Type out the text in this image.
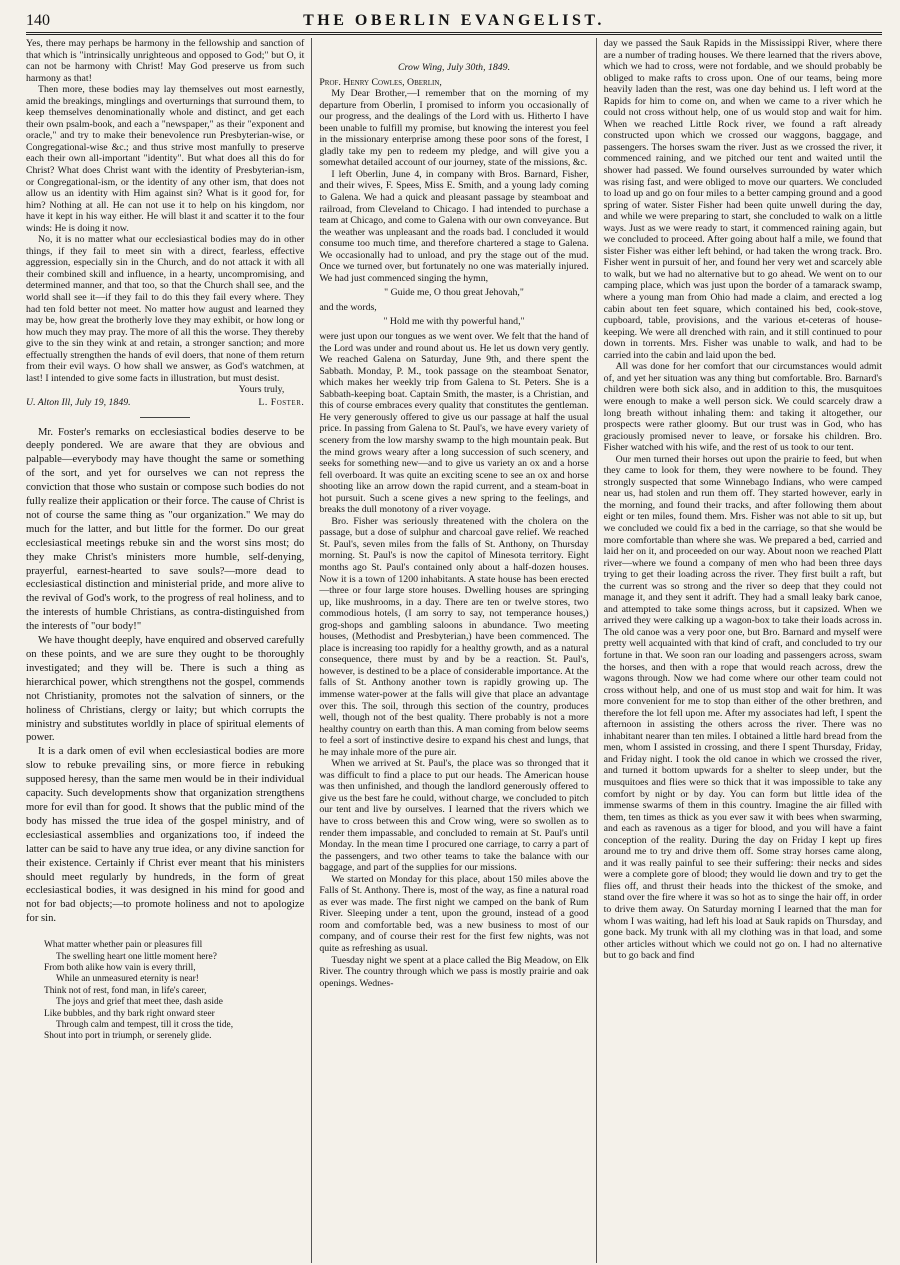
140	THE OBERLIN EVANGELIST.

Yes, there may perhaps be harmony in the fellowship and sanction of that which is "intrinsically unrighteous and opposed to God;" but O, it can not be harmony with Christ! May God preserve us from such harmony as that!

Then more, these bodies may lay themselves out most earnestly, amid the breakings, minglings and overturnings that surround them, to keep themselves denominationally whole and distinct, and get each their own psalm-book, and each a "newspaper," as their "exponent and oracle," and try to make their benevolence run Presbyterian-wise, or Congregational-wise &c.; and thus strive most manfully to preserve each their own all-important "identity". But what does all this do for Christ? What does Christ want with the identity of Presbyterian-ism, or Congregational-ism, or the identity of any other ism, that does not allow us an identity with Him against sin? What is it good for, for him? Nothing at all. He can not use it to help on his kingdom, nor have it kept in his way either. He will blast it and scatter it to the four winds: He is doing it now.

No, it is no matter what our ecclesiastical bodies may do in other things, if they fail to meet sin with a direct, fearless, effective aggression, especially sin in the Church, and do not attack it with all their combined skill and influence, in a hearty, uncompromising, and determined manner, and that too, so that the Church shall see, and the world shall see it—if they fail to do this they fail every where. They had ten fold better not meet. No matter how august and learned they may be, how great the brotherly love they may exhibit, or how long or how much they may pray. The more of all this the worse. They thereby give to the sin they wink at and retain, a stronger sanction; and more effectually strengthen the hands of evil doers, that none of them return from their evil ways. O how shall we answer, as God's watchmen, at last! I intended to give some facts in illustration, but must desist.

Yours truly,
U. Alton Ill, July 19, 1849.	L. Foster.

Mr. Foster's remarks on ecclesiastical bodies deserve to be deeply pondered. We are aware that they are obvious and palpable—everybody may have thought the same or something of the sort, and yet for ourselves we can not repress the conviction that those who sustain or compose such bodies do not fully realize their application or their force. The cause of Christ is not of course the same thing as "our organization." We may do much for the latter, and but little for the former. Do our great ecclesiastical meetings rebuke sin and the worst sins most; do they make Christ's ministers more humble, self-denying, prayerful, earnest-hearted to save souls?—more dead to ecclesiastical distinction and ministerial pride, and more alive to the revival of God's work, to the progress of real holiness, and to the interests of humble Christians, as contra-distinguished from the interests of "our body!"

We have thought deeply, have enquired and observed carefully on these points, and we are sure they ought to be thoroughly investigated; and they will be. There is such a thing as hierarchical power, which strengthens not the gospel, commends not Christianity, promotes not the salvation of sinners, or the holiness of Christians, clergy or laity; but which corrupts the ministry and substitutes worldly in place of spiritual elements of power.

It is a dark omen of evil when ecclesiastical bodies are more slow to rebuke prevailing sins, or more fierce in rebuking supposed heresy, than the same men would be in their individual capacity. Such developments show that organization strengthens more for evil than for good. It shows that the public mind of the body has missed the true idea of the gospel ministry, and of ecclesiastical assemblies and organizations too, if indeed the latter can be said to have any true idea, or any divine sanction for their existence. Certainly if Christ ever meant that his ministers should meet regularly by hundreds, in the form of great ecclesiastical bodies, it was designed in his mind for good and not for bad objects;—to promote holiness and not to apologize for sin.

What matter whether pain or pleasures fill
The swelling heart one little moment here?
From both alike how vain is every thrill,
While an unmeasured eternity is near!
Think not of rest, fond man, in life's career,
The joys and grief that meet thee, dash aside
Like bubbles, and thy bark right onward steer
Through calm and tempest, till it cross the tide,
Shout into port in triumph, or serenely glide.
Crow Wing, July 30th, 1849.
Prof. Henry Cowles, Oberlin,

My Dear Brother,—I remember that on the morning of my departure from Oberlin, I promised to inform you occasionally of our progress, and the dealings of the Lord with us. Hitherto I have been unable to fulfill my promise, but knowing the interest you feel in the missionary enterprise among these poor sons of the forest, I gladly take my pen to redeem my pledge, and will give you a somewhat detailed account of our journey, state of the missions, &c.

I left Oberlin, June 4, in company with Bros. Barnard, Fisher, and their wives, F. Spees, Miss E. Smith, and a young lady coming to Galena. We had a quick and pleasant passage by steamboat and railroad, from Cleveland to Chicago. I had intended to purchase a team at Chicago, and come to Galena with our own conveyance. But the weather was unpleasant and the roads bad. I concluded it would consume too much time, and therefore chartered a stage to Galena. We occasionally had to unload, and pry the stage out of the mud. Once we turned over, but fortunately no one was materially injured. We had just commenced singing the hymn,

" Guide me, O thou great Jehovah,"

and the words,

" Hold me with thy powerful hand,"

were just upon our tongues as we went over. We felt that the hand of the Lord was under and round about us. He let us down very gently. We reached Galena on Saturday, June 9th, and there spent the Sabbath. Monday, P. M., took passage on the steamboat Senator, which makes her weekly trip from Galena to St. Peters. She is a Sabbath-keeping boat. Captain Smith, the master, is a Christian, and this of course embraces every quality that constitutes the gentleman. He very generously offered to give us our passage at half the usual price. In passing from Galena to St. Paul's, we have every variety of scenery from the low marshy swamp to the high mountain peak. But the mind grows weary after a long succession of such scenery, and seeks for something new—and to give us variety an ox and a horse fell overboard. It was quite an exciting scene to see an ox and horse shooting like an arrow down the rapid current, and a steam-boat in hot pursuit. Such a scene gives a new spring to the feelings, and breaks the dull monotony of a river voyage.

Bro. Fisher was seriously threatened with the cholera on the passage, but a dose of sulphur and charcoal gave relief. We reached St. Paul's, seven miles from the falls of St. Anthony, on Thursday morning. St. Paul's is now the capitol of Minesota territory. Eight months ago St. Paul's contained only about a half-dozen houses. Now it is a town of 1200 inhabitants. A state house has been erected—three or four large store houses. Dwelling houses are springing up, like mushrooms, in a day. There are ten or twelve stores, two commodious hotels, (I am sorry to say, not temperance houses,) grog-shops and gambling saloons in abundance. Two meeting houses, (Methodist and Presbyterian,) have been commenced. The place is increasing too rapidly for a healthy growth, and as a natural consequence, there must by and by be a reaction. St. Paul's, however, is destined to be a place of considerable importance. At the falls of St. Anthony another town is rapidly growing up. The immense water-power at the falls will give that place an advantage over this. The soil, through this section of the country, produces well, though not of the best quality. There probably is not a more healthy country on earth than this. A man coming from below seems to feel a sort of instinctive desire to expand his chest and lungs, that he may inhale more of the pure air.

When we arrived at St. Paul's, the place was so thronged that it was difficult to find a place to put our heads. The American house was then unfinished, and though the landlord generously offered to give us the best fare he could, without charge, we concluded to pitch our tent and live by ourselves. I learned that the rivers which we have to cross between this and Crow wing, were so swollen as to render them impassable, and concluded to remain at St. Paul's until Monday. In the mean time I procured one carriage, to carry a part of the passengers, and two other teams to take the balance with our baggage, and part of the supplies for our missions.

We started on Monday for this place, about 150 miles above the Falls of St. Anthony. There is, most of the way, as fine a natural road as ever was made. The first night we camped on the bank of Rum River. Sleeping under a tent, upon the ground, instead of a good room and comfortable bed, was a new business to most of our company, and of course their rest for the first few nights, was not quite as refreshing as usual.

Tuesday night we spent at a place called the Big Meadow, on Elk River. The country through which we pass is mostly prairie and oak openings. Wednes-

day we passed the Sauk Rapids in the Mississippi River, where there are a number of trading houses. We there learned that the rivers above, which we had to cross, were not fordable, and we should probably be obliged to make rafts to cross upon. One of our teams, being more heavily laden than the rest, was one day behind us. I left word at the Rapids for him to come on, and when we came to a river which he could not cross without help, one of us would stop and wait for him. When we reached Little Rock river, we found a raft already constructed upon which we crossed our waggons, baggage, and passengers. The horses swam the river. Just as we crossed the river, it commenced raining, and we pitched our tent and waited until the shower had passed. We found ourselves surrounded by water which was rising fast, and were obliged to move our quarters. We concluded to load up and go on four miles to a better camping ground and a good spring of water. Sister Fisher had been quite unwell during the day, and while we were preparing to start, she concluded to walk on a little ways. Just as we were ready to start, it commenced raining again, but we concluded to proceed. After going about half a mile, we found that sister Fisher was either left behind, or had taken the wrong track. Bro. Fisher went in pursuit of her, and found her very wet and scarcely able to walk, but we had no alternative but to go ahead. We went on to our camping place, which was just upon the border of a tamarack swamp, where a young man from Ohio had made a claim, and erected a log cabin about ten feet square, which contained his bed, cook-stove, cupboard, table, provisions, and the various et-ceteras of house-keeping. We were all drenched with rain, and it still continued to pour down in torrents. Mrs. Fisher was unable to walk, and had to be carried into the cabin and laid upon the bed.

All was done for her comfort that our circumstances would admit of, and yet her situation was any thing but comfortable. Bro. Barnard's children were both sick also, and in addition to this, the musquitoes were enough to make a well person sick. We could scarcely draw a long breath without inhaling them: and taking it altogether, our prospects were rather gloomy. But our trust was in God, who has graciously promised never to leave, or forsake his children. Bro. Fisher watched with his wife, and the rest of us took to our tent.

Our men turned their horses out upon the prairie to feed, but when they came to look for them, they were nowhere to be found. They strongly suspected that some Winnebago Indians, who were camped near us, had stolen and run them off. They started however, early in the morning, and found their tracks, and after following them about eight or ten miles, found them. Mrs. Fisher was not able to sit up, but we concluded we could fix a bed in the carriage, so that she would be more comfortable than where she was. We prepared a bed, carried and laid her on it, and proceeded on our way. About noon we reached Platt river—where we found a company of men who had been three days trying to get their loading across the river. They first built a raft, but the current was so strong and the river so deep that they could not manage it, and they sent it adrift. They had a small leaky bark canoe, and attempted to take some things across, but it capsized. When we arrived they were calking up a wagon-box to take their loads across in. The old canoe was a very poor one, but Bro. Barnard and myself were pretty well acquainted with that kind of craft, and concluded to try our fortune in that. We soon ran our loading and passengers across, swam the horses, and then with a rope that would reach across, drew the wagons through. Now we had come where our other team could not cross without help, and one of us must stop and wait for him. It was more convenient for me to stop than either of the other brethren, and therefore the lot fell upon me. After my associates had left, I spent the afternoon in assisting the others across the river. There was no inhabitant nearer than ten miles. I obtained a little hard bread from the men, whom I assisted in crossing, and there I spent Thursday, Friday, and Friday night. I took the old canoe in which we crossed the river, and turned it bottom upwards for a shelter to sleep under, but the musquitoes and flies were so thick that it was impossible to take any comfort by night or by day. You can form but little idea of the immense swarms of them in this country. Imagine the air filled with them, ten times as thick as you ever saw it with bees when swarming, and each as ravenous as a tiger for blood, and you will have a faint conception of the reality. During the day on Friday I kept up fires around me to try and drive them off. Some stray horses came along, and it was really painful to see their suffering: their necks and sides were a complete gore of blood; they would lie down and try to get the flies off, and thrust their heads into the thickest of the smoke, and stand over the fire where it was so hot as to singe the hair off, in order to drive them away. On Saturday morning I learned that the man for whom I was waiting, had left his load at Sauk rapids on Thursday, and gone back. My trunk with all my clothing was in that load, and some other articles without which we could not go on. I had no alternative but to go back and find
